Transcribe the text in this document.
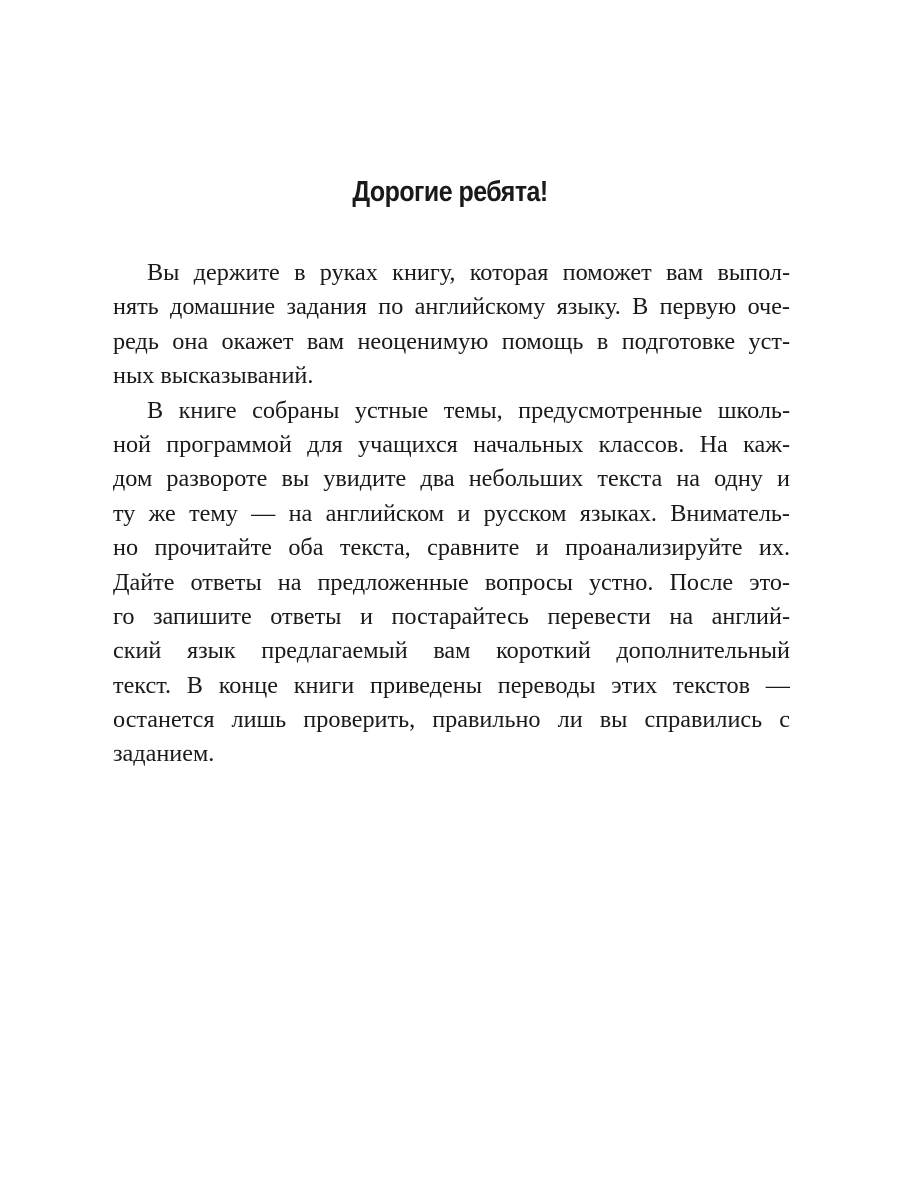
Дорогие ребята!
Вы держите в руках книгу, которая поможет вам выпол-
нять домашние задания по английскому языку. В первую оче-
редь она окажет вам неоценимую помощь в подготовке уст-
ных высказываний.
В книге собраны устные темы, предусмотренные школь-
ной программой для учащихся начальных классов. На каж-
дом развороте вы увидите два небольших текста на одну и
ту же тему — на английском и русском языках. Вниматель-
но прочитайте оба текста, сравните и проанализируйте их.
Дайте ответы на предложенные вопросы устно. После это-
го запишите ответы и постарайтесь перевести на англий-
ский язык предлагаемый вам короткий дополнительный
текст. В конце книги приведены переводы этих текстов —
останется лишь проверить, правильно ли вы справились с
заданием.
